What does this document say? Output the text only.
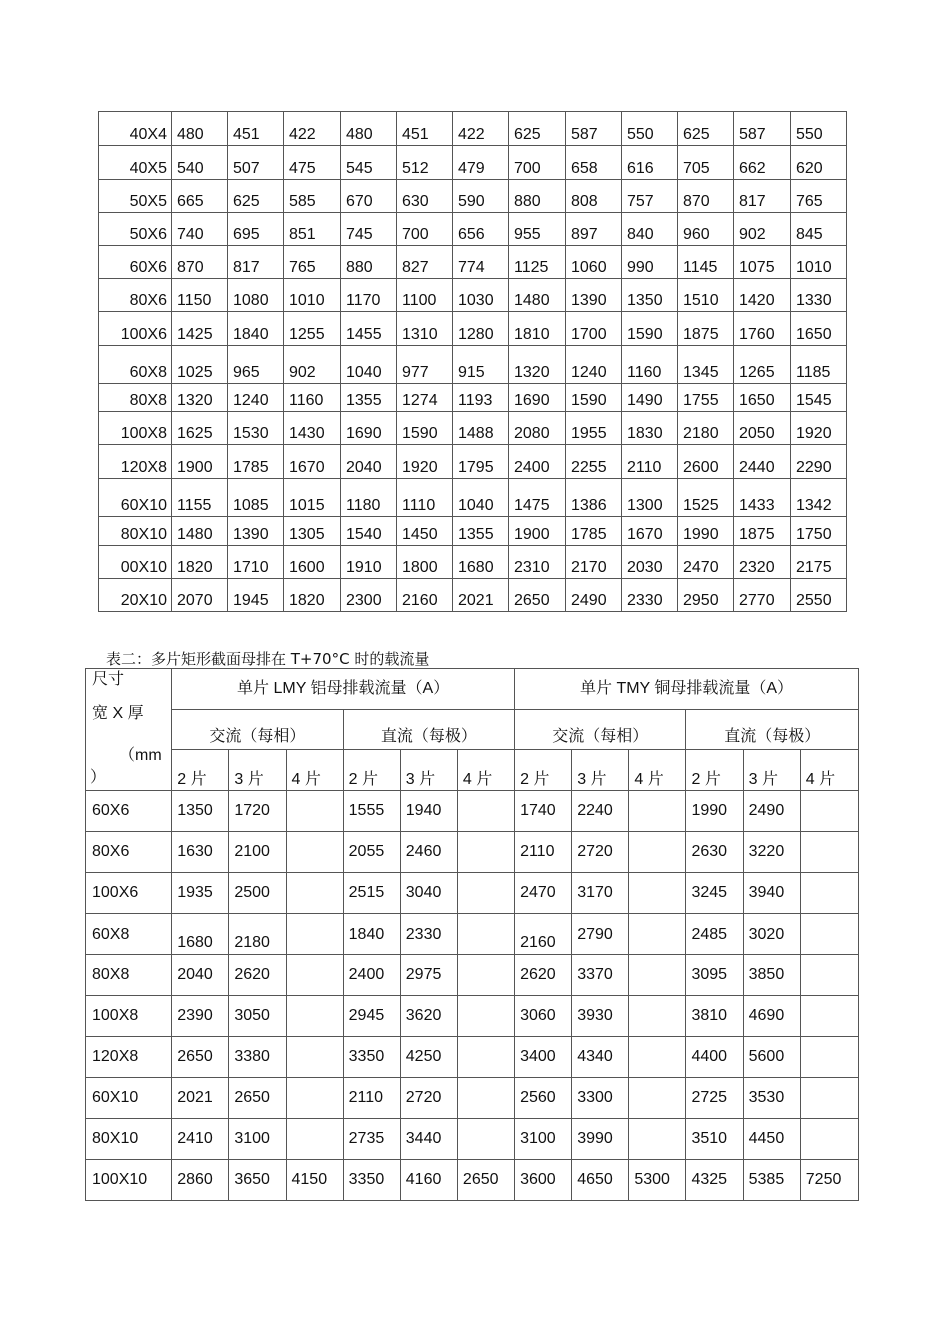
40X4	480	451	422	480	451	422	625	587	550	625	587	550
40X5	540	507	475	545	512	479	700	658	616	705	662	620
50X5	665	625	585	670	630	590	880	808	757	870	817	765
50X6	740	695	851	745	700	656	955	897	840	960	902	845
60X6	870	817	765	880	827	774	1125	1060	990	1145	1075	1010
80X6	1150	1080	1010	1170	1100	1030	1480	1390	1350	1510	1420	1330
100X6	1425	1840	1255	1455	1310	1280	1810	1700	1590	1875	1760	1650
60X8	1025	965	902	1040	977	915	1320	1240	1160	1345	1265	1185
80X8	1320	1240	1160	1355	1274	1193	1690	1590	1490	1755	1650	1545
100X8	1625	1530	1430	1690	1590	1488	2080	1955	1830	2180	2050	1920
120X8	1900	1785	1670	2040	1920	1795	2400	2255	2110	2600	2440	2290
60X10	1155	1085	1015	1180	1110	1040	1475	1386	1300	1525	1433	1342
80X10	1480	1390	1305	1540	1450	1355	1900	1785	1670	1990	1875	1750
00X10	1820	1710	1600	1910	1800	1680	2310	2170	2030	2470	2320	2175
20X10	2070	1945	1820	2300	2160	2021	2650	2490	2330	2950	2770	2550
表二：多片矩形截面母排在 T+70°C 时的载流量
尺寸
宽 X 厚
（mm
）	单片 LMY 铝母排载流量（A）						单片 TMY 铜母排载流量（A）					
	交流（每相）			直流（每极）			交流（每相）			直流（每极）		
	2 片	3 片	4 片	2 片	3 片	4 片	2 片	3 片	4 片	2 片	3 片	4 片
60X6	1350	1720		1555	1940		1740	2240		1990	2490	
80X6	1630	2100		2055	2460		2110	2720		2630	3220	
100X6	1935	2500		2515	3040		2470	3170		3245	3940	
60X8	1680	2180		1840	2330		2160	2790		2485	3020	
80X8	2040	2620		2400	2975		2620	3370		3095	3850	
100X8	2390	3050		2945	3620		3060	3930		3810	4690	
120X8	2650	3380		3350	4250		3400	4340		4400	5600	
60X10	2021	2650		2110	2720		2560	3300		2725	3530	
80X10	2410	3100		2735	3440		3100	3990		3510	4450	
100X10	2860	3650	4150	3350	4160	2650	3600	4650	5300	4325	5385	7250
